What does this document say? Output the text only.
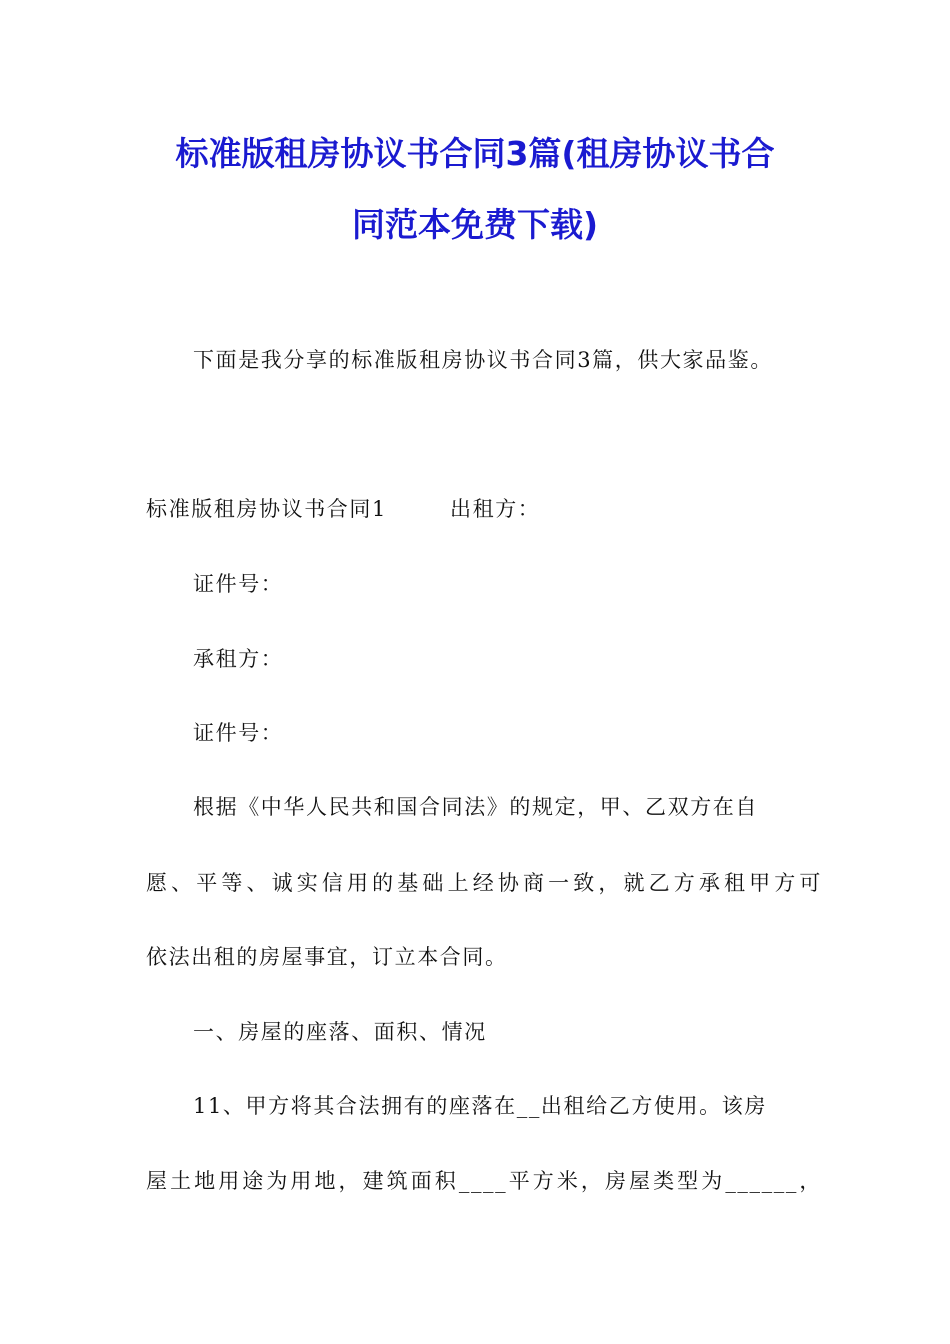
标准版租房协议书合同3篇(租房协议书合
同范本免费下载)
下面是我分享的标准版租房协议书合同3篇，供大家品鉴。
标准版租房协议书合同1	出租方：
证件号：
承租方：
证件号：
根据《中华人民共和国合同法》的规定，甲、乙双方在自
愿、平等、诚实信用的基础上经协商一致，就乙方承租甲方可
依法出租的房屋事宜，订立本合同。
一、房屋的座落、面积、情况
11、甲方将其合法拥有的座落在__出租给乙方使用。该房
屋土地用途为用地，建筑面积____平方米，房屋类型为______，
